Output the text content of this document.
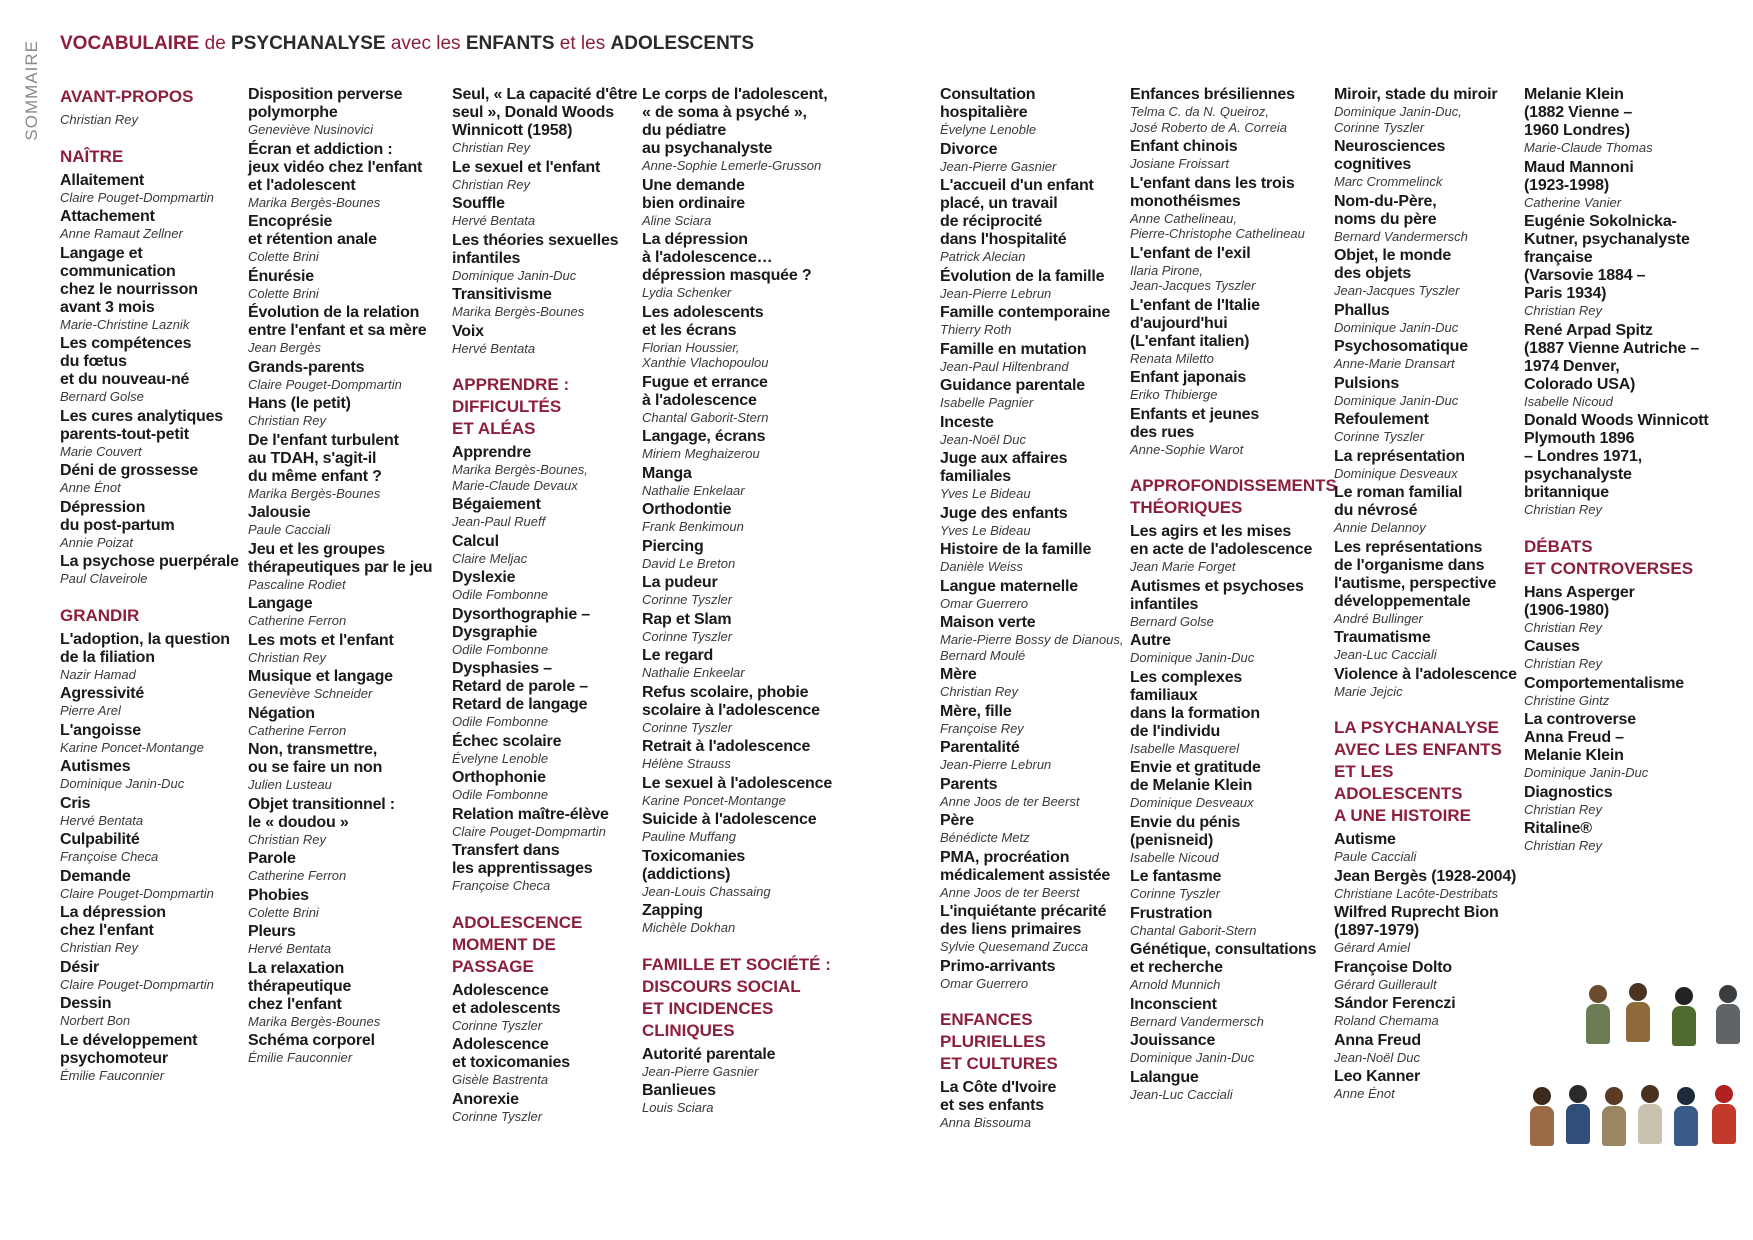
SOMMAIRE VOCABULAIRE de PSYCHANALYSE avec les ENFANTS et les ADOLESCENTS
AVANT-PROPOS
Christian Rey
NAÎTRE
Allaitement
Claire Pouget-Dompmartin
Attachement
Anne Ramaut Zellner
Langage et
communication
chez le nourrisson
avant 3 mois
Marie-Christine Laznik
Les compétences
du fœtus
et du nouveau-né
Bernard Golse
Les cures analytiques
parents-tout-petit
Marie Couvert
Déni de grossesse
Anne Énot
Dépression
du post-partum
Annie Poizat
La psychose puerpérale
Paul Claveirole
GRANDIR
L'adoption, la question
de la filiation
Nazir Hamad
Agressivité
Pierre Arel
L'angoisse
Karine Poncet-Montange
Autismes
Dominique Janin-Duc
Cris
Hervé Bentata
Culpabilité
Françoise Checa
Demande
Claire Pouget-Dompmartin
La dépression
chez l'enfant
Christian Rey
Désir
Claire Pouget-Dompmartin
Dessin
Norbert Bon
Le développement
psychomoteur
Émilie Fauconnier
Disposition perverse
polymorphe
Geneviève Nusinovici
Écran et addiction :
jeux vidéo chez l'enfant
et l'adolescent
Marika Bergès-Bounes
Encoprésie
et rétention anale
Colette Brini
Énurésie
Colette Brini
Évolution de la relation
entre l'enfant et sa mère
Jean Bergès
Grands-parents
Claire Pouget-Dompmartin
Hans (le petit)
Christian Rey
De l'enfant turbulent
au TDAH, s'agit-il
du même enfant ?
Marika Bergès-Bounes
Jalousie
Paule Cacciali
Jeu et les groupes
thérapeutiques par le jeu
Pascaline Rodiet
Langage
Catherine Ferron
Les mots et l'enfant
Christian Rey
Musique et langage
Geneviève Schneider
Négation
Catherine Ferron
Non, transmettre,
ou se faire un non
Julien Lusteau
Objet transitionnel :
le « doudou »
Christian Rey
Parole
Catherine Ferron
Phobies
Colette Brini
Pleurs
Hervé Bentata
La relaxation
thérapeutique
chez l'enfant
Marika Bergès-Bounes
Schéma corporel
Émilie Fauconnier
Seul, « La capacité d'être
seul », Donald Woods
Winnicott (1958)
Christian Rey
Le sexuel et l'enfant
Christian Rey
Souffle
Hervé Bentata
Les théories sexuelles
infantiles
Dominique Janin-Duc
Transitivisme
Marika Bergès-Bounes
Voix
Hervé Bentata
APPRENDRE :
DIFFICULTÉS
ET ALÉAS
Apprendre
Marika Bergès-Bounes,
Marie-Claude Devaux
Bégaiement
Jean-Paul Rueff
Calcul
Claire Meljac
Dyslexie
Odile Fombonne
Dysorthographie –
Dysgraphie
Odile Fombonne
Dysphasies –
Retard de parole –
Retard de langage
Odile Fombonne
Échec scolaire
Évelyne Lenoble
Orthophonie
Odile Fombonne
Relation maître-élève
Claire Pouget-Dompmartin
Transfert dans
les apprentissages
Françoise Checa
ADOLESCENCE
MOMENT DE PASSAGE
Adolescence
et adolescents
Corinne Tyszler
Adolescence
et toxicomanies
Gisèle Bastrenta
Anorexie
Corinne Tyszler
Le corps de l'adolescent,
« de soma à psyché »,
du pédiatre
au psychanalyste
Anne-Sophie Lemerle-Grusson
Une demande
bien ordinaire
Aline Sciara
La dépression
à l'adolescence…
dépression masquée ?
Lydia Schenker
Les adolescents
et les écrans
Florian Houssier,
Xanthie Vlachopoulou
Fugue et errance
à l'adolescence
Chantal Gaborit-Stern
Langage, écrans
Miriem Meghaizerou
Manga
Nathalie Enkelaar
Orthodontie
Frank Benkimoun
Piercing
David Le Breton
La pudeur
Corinne Tyszler
Rap et Slam
Corinne Tyszler
Le regard
Nathalie Enkeelar
Refus scolaire, phobie
scolaire à l'adolescence
Corinne Tyszler
Retrait à l'adolescence
Hélène Strauss
Le sexuel à l'adolescence
Karine Poncet-Montange
Suicide à l'adolescence
Pauline Muffang
Toxicomanies
(addictions)
Jean-Louis Chassaing
Zapping
Michèle Dokhan
FAMILLE ET SOCIÉTÉ :
DISCOURS SOCIAL
ET INCIDENCES
CLINIQUES
Autorité parentale
Jean-Pierre Gasnier
Banlieues
Louis Sciara
Consultation hospitalière
Évelyne Lenoble
Divorce
Jean-Pierre Gasnier
L'accueil d'un enfant
placé, un travail
de réciprocité
dans l'hospitalité
Patrick Alecian
Évolution de la famille
Jean-Pierre Lebrun
Famille contemporaine
Thierry Roth
Famille en mutation
Jean-Paul Hiltenbrand
Guidance parentale
Isabelle Pagnier
Inceste
Jean-Noël Duc
Juge aux affaires
familiales
Yves Le Bideau
Juge des enfants
Yves Le Bideau
Histoire de la famille
Danièle Weiss
Langue maternelle
Omar Guerrero
Maison verte
Marie-Pierre Bossy de Dianous,
Bernard Moulé
Mère
Christian Rey
Mère, fille
Françoise Rey
Parentalité
Jean-Pierre Lebrun
Parents
Anne Joos de ter Beerst
Père
Bénédicte Metz
PMA, procréation
médicalement assistée
Anne Joos de ter Beerst
L'inquiétante précarité
des liens primaires
Sylvie Quesemand Zucca
Primo-arrivants
Omar Guerrero
ENFANCES
PLURIELLES
ET CULTURES
La Côte d'Ivoire
et ses enfants
Anna Bissouma
Enfances brésiliennes
Telma C. da N. Queiroz,
José Roberto de A. Correia
Enfant chinois
Josiane Froissart
L'enfant dans les trois
monothéismes
Anne Cathelineau,
Pierre-Christophe Cathelineau
L'enfant de l'exil
Ilaria Pirone,
Jean-Jacques Tyszler
L'enfant de l'Italie
d'aujourd'hui
(L'enfant italien)
Renata Miletto
Enfant japonais
Eriko Thibierge
Enfants et jeunes
des rues
Anne-Sophie Warot
APPROFONDISSEMENTS
THÉORIQUES
Les agirs et les mises
en acte de l'adolescence
Jean Marie Forget
Autismes et psychoses
infantiles
Bernard Golse
Autre
Dominique Janin-Duc
Les complexes
familiaux
dans la formation
de l'individu
Isabelle Masquerel
Envie et gratitude
de Melanie Klein
Dominique Desveaux
Envie du pénis
(penisneid)
Isabelle Nicoud
Le fantasme
Corinne Tyszler
Frustration
Chantal Gaborit-Stern
Génétique, consultations
et recherche
Arnold Munnich
Inconscient
Bernard Vandermersch
Jouissance
Dominique Janin-Duc
Lalangue
Jean-Luc Cacciali
Miroir, stade du miroir
Dominique Janin-Duc,
Corinne Tyszler
Neurosciences
cognitives
Marc Crommelinck
Nom-du-Père,
noms du père
Bernard Vandermersch
Objet, le monde
des objets
Jean-Jacques Tyszler
Phallus
Dominique Janin-Duc
Psychosomatique
Anne-Marie Dransart
Pulsions
Dominique Janin-Duc
Refoulement
Corinne Tyszler
La représentation
Dominique Desveaux
Le roman familial
du névrosé
Annie Delannoy
Les représentations
de l'organisme dans
l'autisme, perspective
développementale
André Bullinger
Traumatisme
Jean-Luc Cacciali
Violence à l'adolescence
Marie Jejcic
LA PSYCHANALYSE
AVEC LES ENFANTS
ET LES ADOLESCENTS
A UNE HISTOIRE
Autisme
Paule Cacciali
Jean Bergès (1928-2004)
Christiane Lacôte-Destribats
Wilfred Ruprecht Bion
(1897-1979)
Gérard Amiel
Françoise Dolto
Gérard Guillerault
Sándor Ferenczi
Roland Chemama
Anna Freud
Jean-Noël Duc
Leo Kanner
Anne Énot
Melanie Klein
(1882 Vienne –
1960 Londres)
Marie-Claude Thomas
Maud Mannoni
(1923-1998)
Catherine Vanier
Eugénie Sokolnicka-
Kutner, psychanalyste
française
(Varsovie 1884 –
Paris 1934)
Christian Rey
René Arpad Spitz
(1887 Vienne Autriche –
1974 Denver,
Colorado USA)
Isabelle Nicoud
Donald Woods Winnicott
Plymouth 1896
– Londres 1971,
psychanalyste
britannique
Christian Rey
DÉBATS
ET CONTROVERSES
Hans Asperger
(1906-1980)
Christian Rey
Causes
Christian Rey
Comportementalisme
Christine Gintz
La controverse
Anna Freud –
Melanie Klein
Dominique Janin-Duc
Diagnostics
Christian Rey
Ritaline®
Christian Rey
